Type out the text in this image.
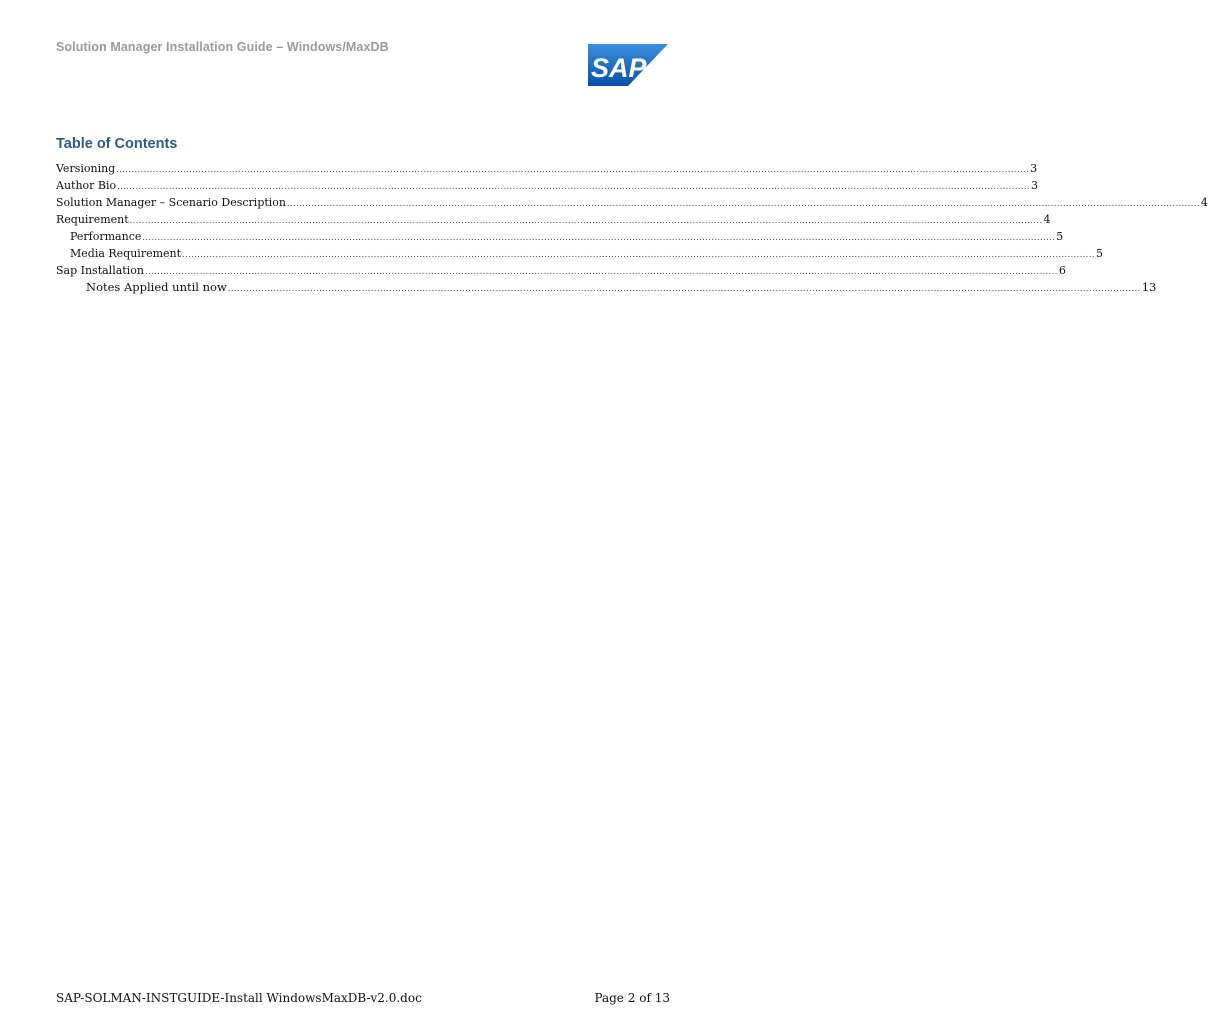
Solution Manager Installation Guide – Windows/MaxDB
SAP
Table of Contents
Versioning ............................................................................................................................................................................................................................................................................................................ 3
Author Bio ............................................................................................................................................................................................................................................................................................................ 3
Solution Manager – Scenario Description ............................................................................................................................................................................................................................................................................................................ 4
Requirement ............................................................................................................................................................................................................................................................................................................ 4
Performance ............................................................................................................................................................................................................................................................................................................ 5
Media Requirement ............................................................................................................................................................................................................................................................................................................ 5
Sap Installation ............................................................................................................................................................................................................................................................................................................ 6
Notes Applied until now ............................................................................................................................................................................................................................................................................................................ 13
SAP-SOLMAN-INSTGUIDE-Install WindowsMaxDB-v2.0.doc	Page 2 of 13
